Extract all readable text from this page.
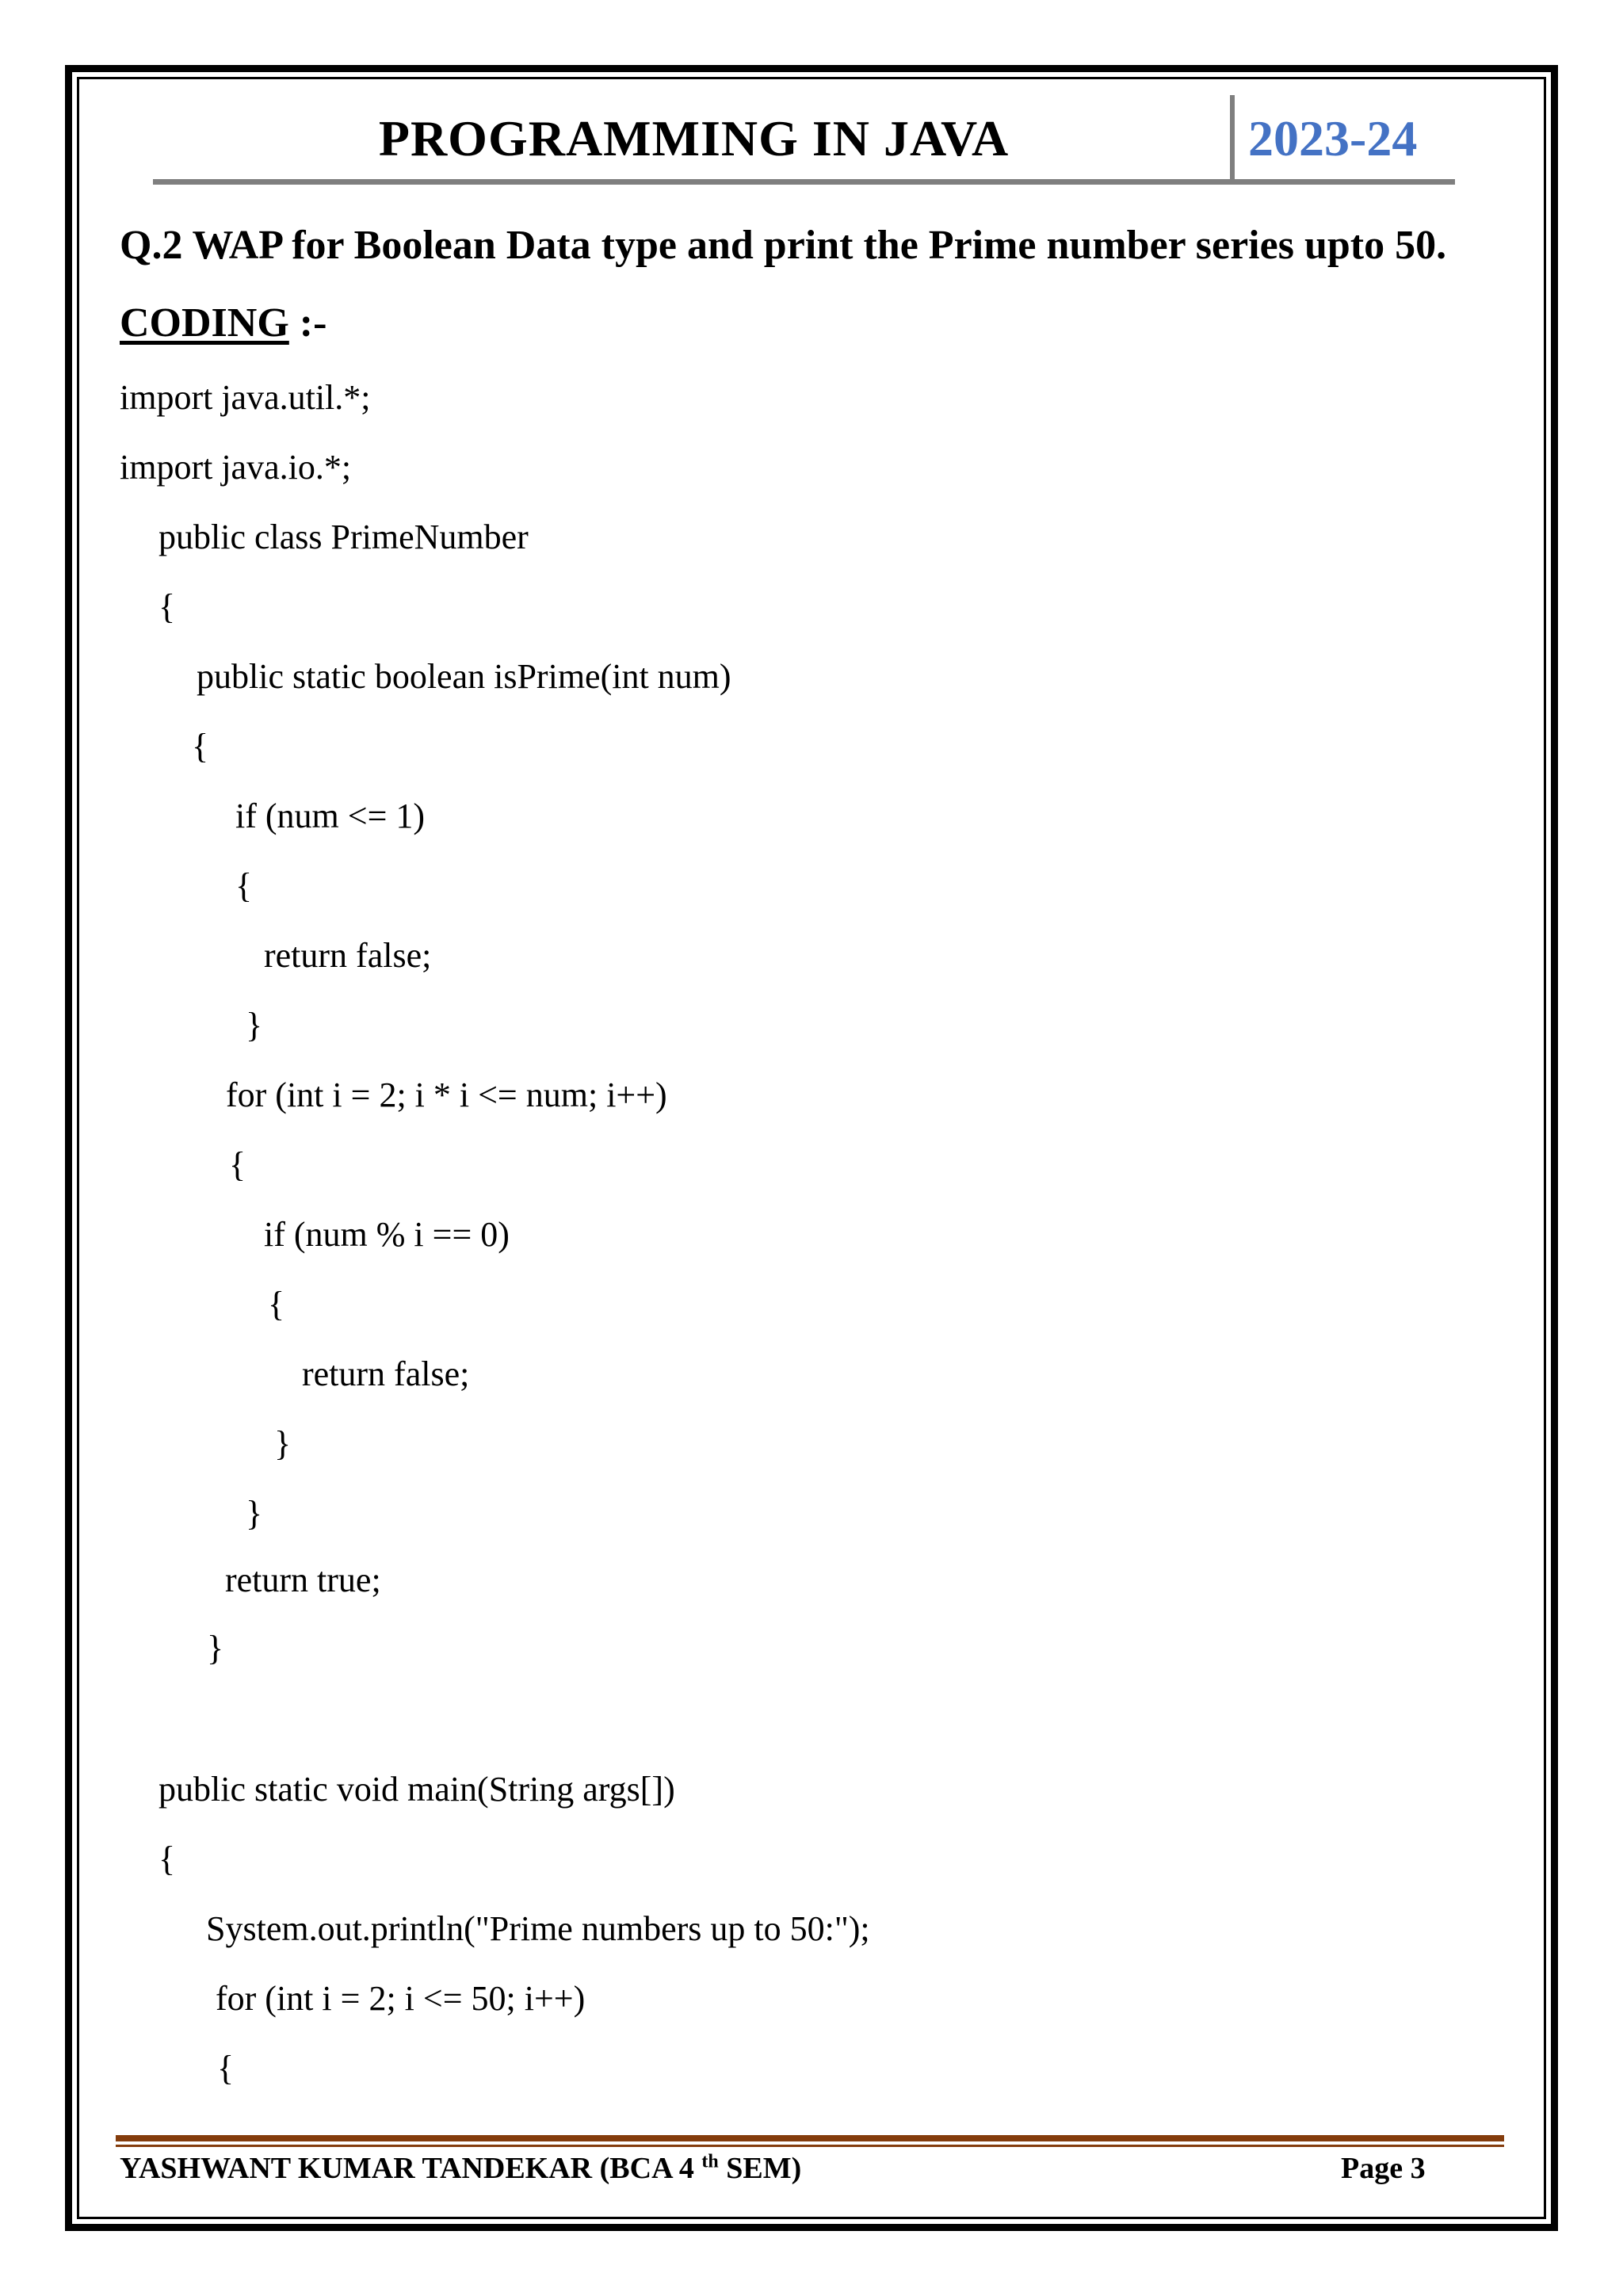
PROGRAMMING IN JAVA	2023-24
Q.2 WAP for Boolean Data type and print the Prime number series upto 50.
CODING :-
import java.util.*;
import java.io.*;
public class PrimeNumber
{
public static boolean isPrime(int num)
{
if (num <= 1)
{
return false;
}
for (int i = 2; i * i <= num; i++)
{
if (num % i == 0)
{
return false;
}
}
return true;
}
public static void main(String args[])
{
System.out.println("Prime numbers up to 50:");
for (int i = 2; i <= 50; i++)
{
YASHWANT KUMAR TANDEKAR (BCA 4 $^{th}$ SEM)	Page 3
